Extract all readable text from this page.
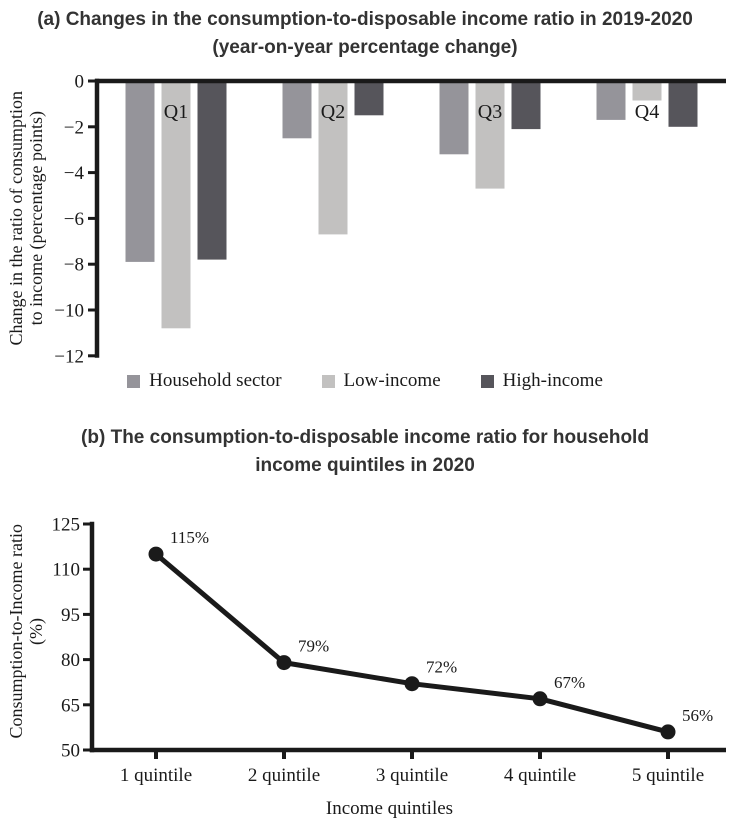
(a) Changes in the consumption-to-disposable income ratio in 2019-2020
(year-on-year percentage change)
Change in the ratio of consumption to income (percentage points)
0
−2
−4
−6
−8
−10
−12
Q1	Q2	Q3	Q4
Household sector	Low-income	High-income
(b) The consumption-to-disposable income ratio for household
income quintiles in 2020
Consumption-to-Income ratio (%)
125
110
95
80
65
50
1 quintile	2 quintile	3 quintile	4 quintile	5 quintile
115%
79%
72%
67%
56%
Income quintiles
